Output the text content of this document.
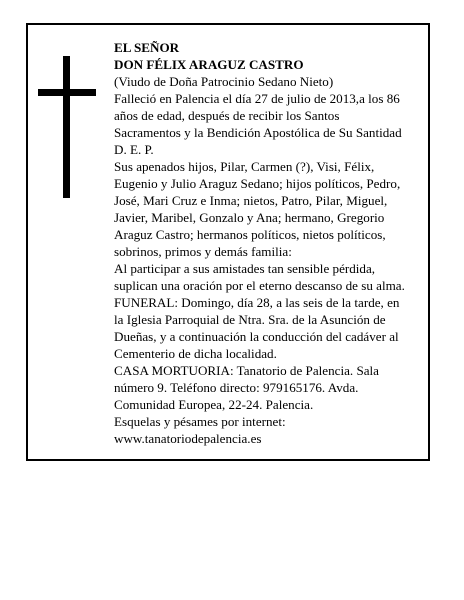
EL SEÑOR
DON FÉLIX ARAGUZ CASTRO
(Viudo de Doña Patrocinio Sedano Nieto)
Falleció en Palencia el día 27 de julio de 2013,a los 86
años de edad, después de recibir los Santos
Sacramentos y la Bendición Apostólica de Su Santidad
D. E. P.
Sus apenados hijos, Pilar, Carmen (?), Visi, Félix,
Eugenio y Julio Araguz Sedano; hijos políticos, Pedro,
José, Mari Cruz e Inma; nietos, Patro, Pilar, Miguel,
Javier, Maribel, Gonzalo y Ana; hermano, Gregorio
Araguz Castro; hermanos políticos, nietos políticos,
sobrinos, primos y demás familia:
Al participar a sus amistades tan sensible pérdida,
suplican una oración por el eterno descanso de su alma.
FUNERAL: Domingo, día 28, a las seis de la tarde, en
la Iglesia Parroquial de Ntra. Sra. de la Asunción de
Dueñas, y a continuación la conducción del cadáver al
Cementerio de dicha localidad.
CASA MORTUORIA: Tanatorio de Palencia. Sala
número 9. Teléfono directo: 979165176. Avda.
Comunidad Europea, 22-24. Palencia.
Esquelas y pésames por internet:
www.tanatoriodepalencia.es
